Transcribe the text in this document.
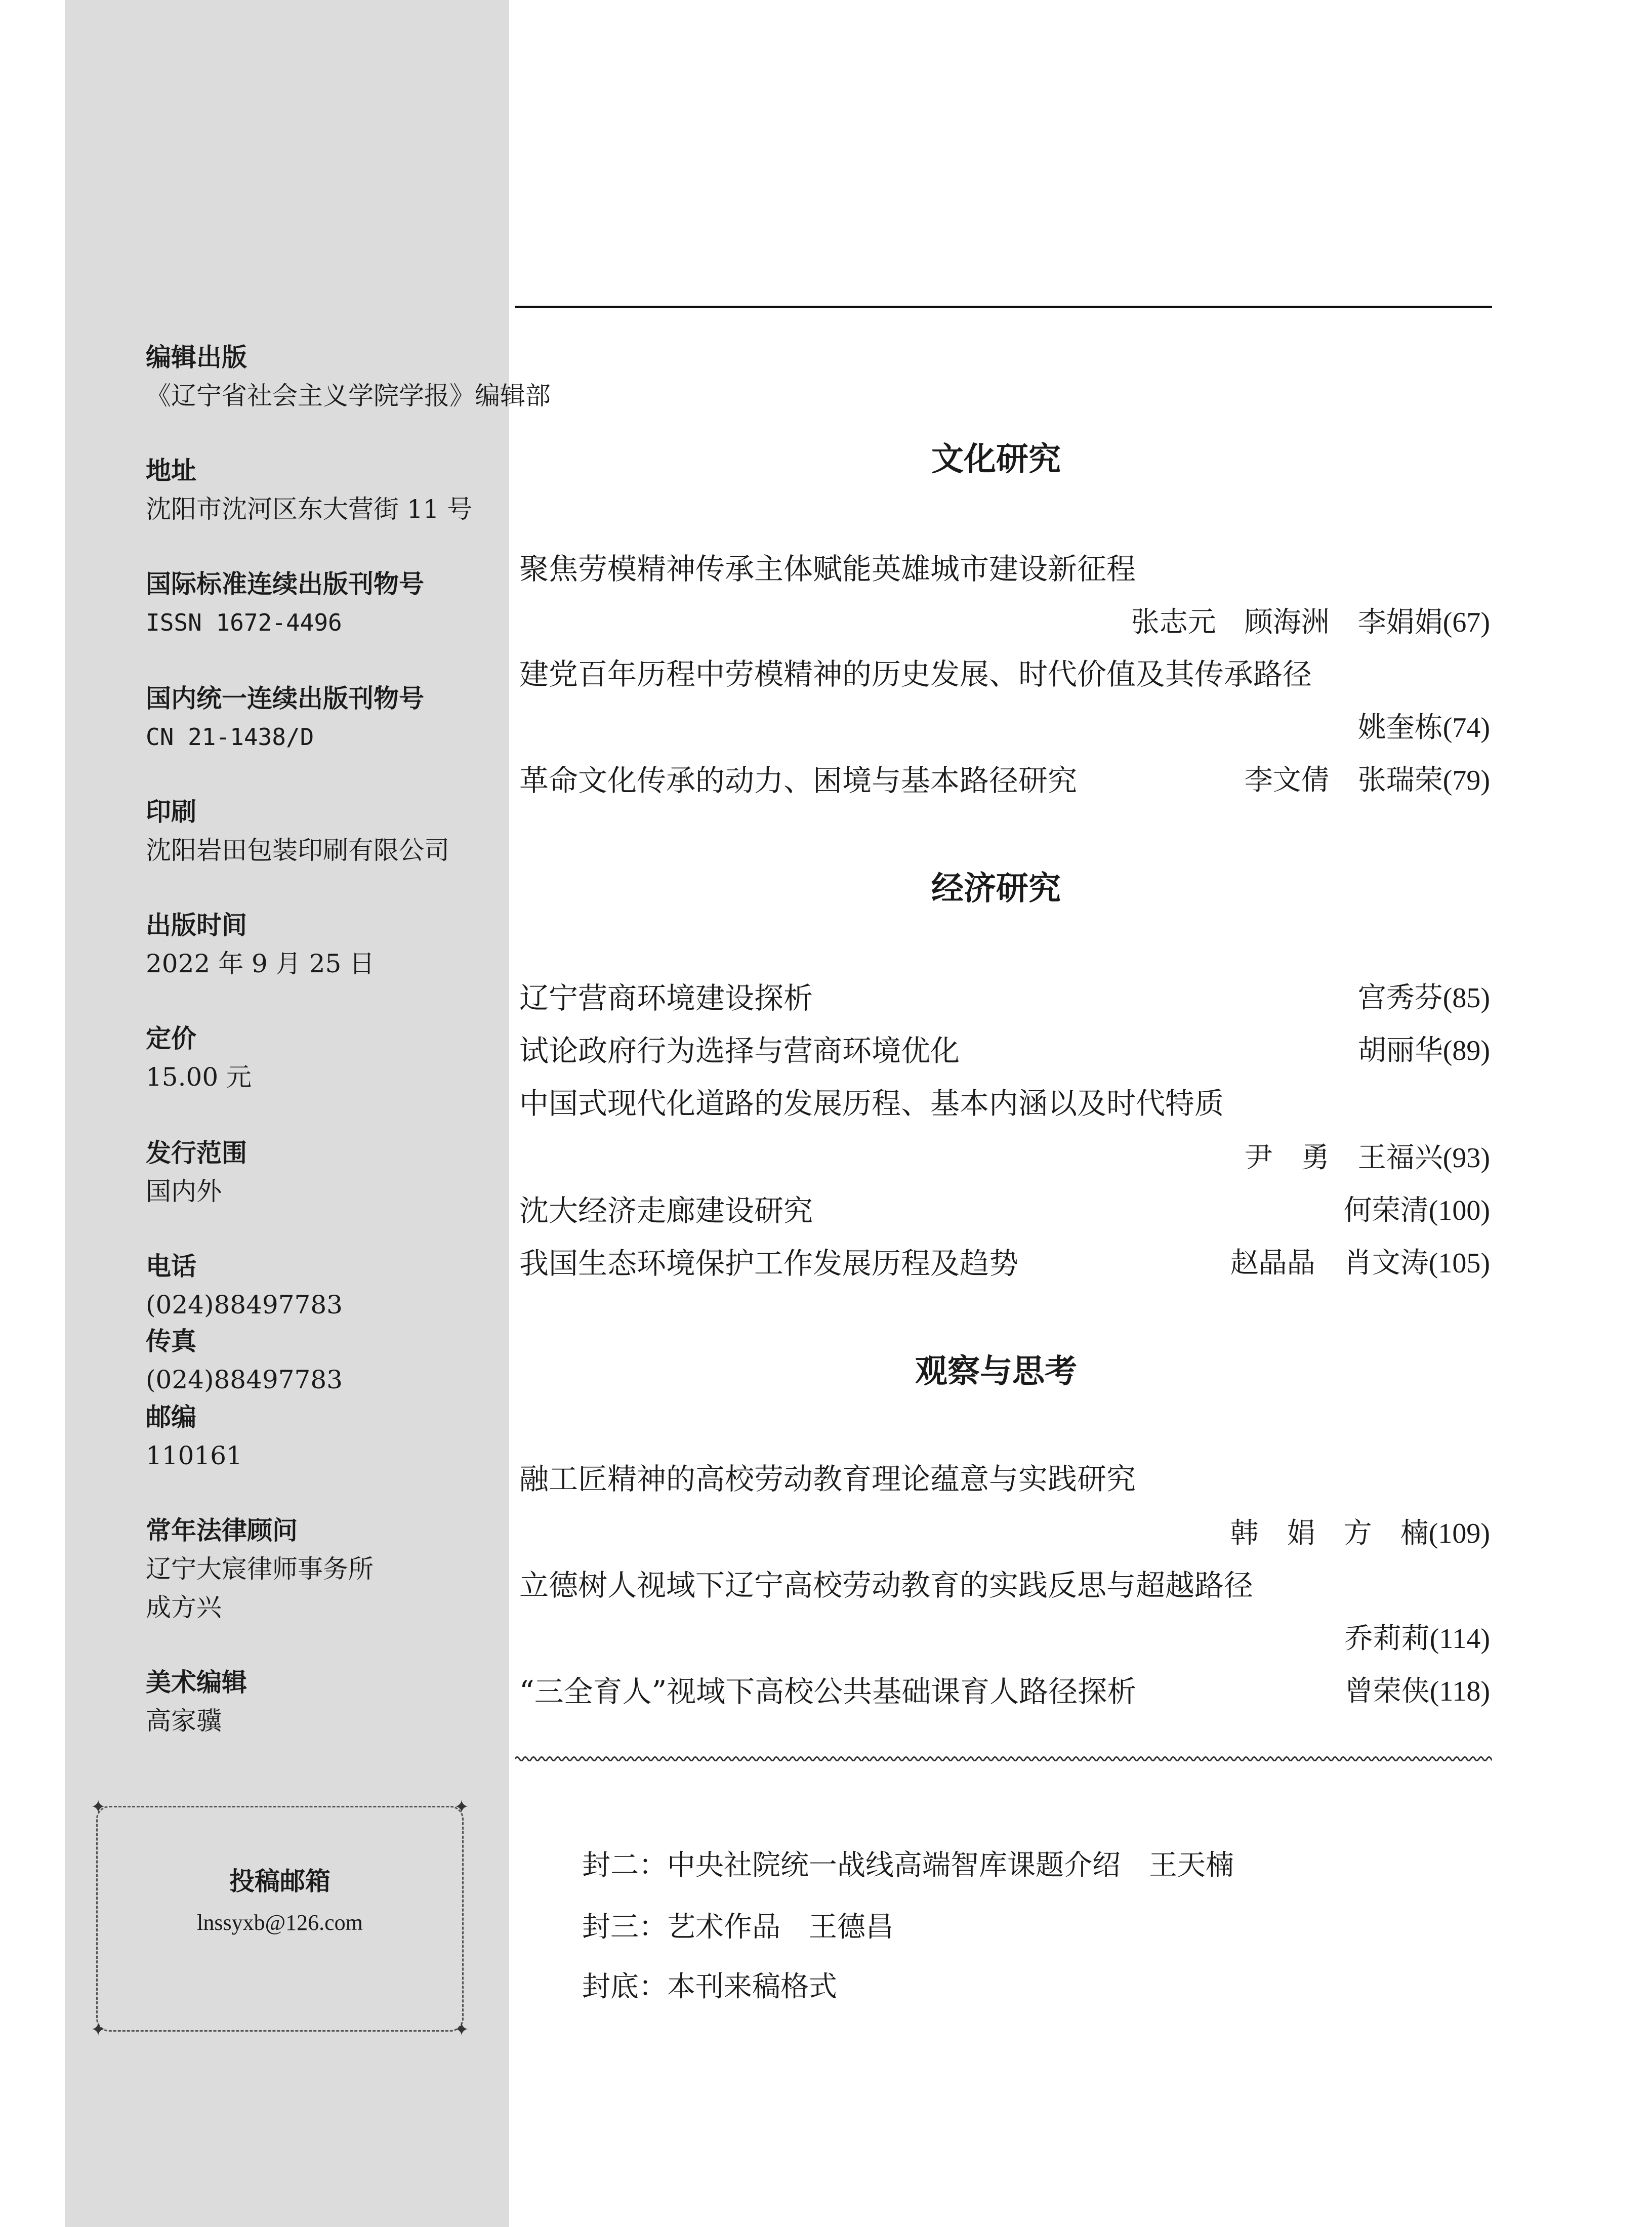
编辑出版
《辽宁省社会主义学院学报》编辑部
地址
沈阳市沈河区东大营街 11 号
国际标准连续出版刊物号
ISSN 1672-4496
国内统一连续出版刊物号
CN 21-1438/D
印刷
沈阳岩田包装印刷有限公司
出版时间
2022 年 9 月 25 日
定价
15.00 元
发行范围
国内外
电话
(024)88497783
传真
(024)88497783
邮编
110161
常年法律顾问
辽宁大宸律师事务所
成方兴
美术编辑
高家骥
✦	✦
✦	✦
投稿邮箱
lnssyxb@126.com
文化研究
聚焦劳模精神传承主体赋能英雄城市建设新征程
张志元　顾海洲　李娟娟(67)
建党百年历程中劳模精神的历史发展、时代价值及其传承路径
姚奎栋(74)
革命文化传承的动力、困境与基本路径研究	李文倩　张瑞荣(79)
经济研究
辽宁营商环境建设探析	宫秀芬(85)
试论政府行为选择与营商环境优化	胡丽华(89)
中国式现代化道路的发展历程、基本内涵以及时代特质
尹　勇　王福兴(93)
沈大经济走廊建设研究	何荣清(100)
我国生态环境保护工作发展历程及趋势	赵晶晶　肖文涛(105)
观察与思考
融工匠精神的高校劳动教育理论蕴意与实践研究
韩　娟　方　楠(109)
立德树人视域下辽宁高校劳动教育的实践反思与超越路径
乔莉莉(114)
“三全育人”视域下高校公共基础课育人路径探析	曾荣侠(118)
封二：中央社院统一战线高端智库课题介绍　王天楠
封三：艺术作品　王德昌
封底：本刊来稿格式
